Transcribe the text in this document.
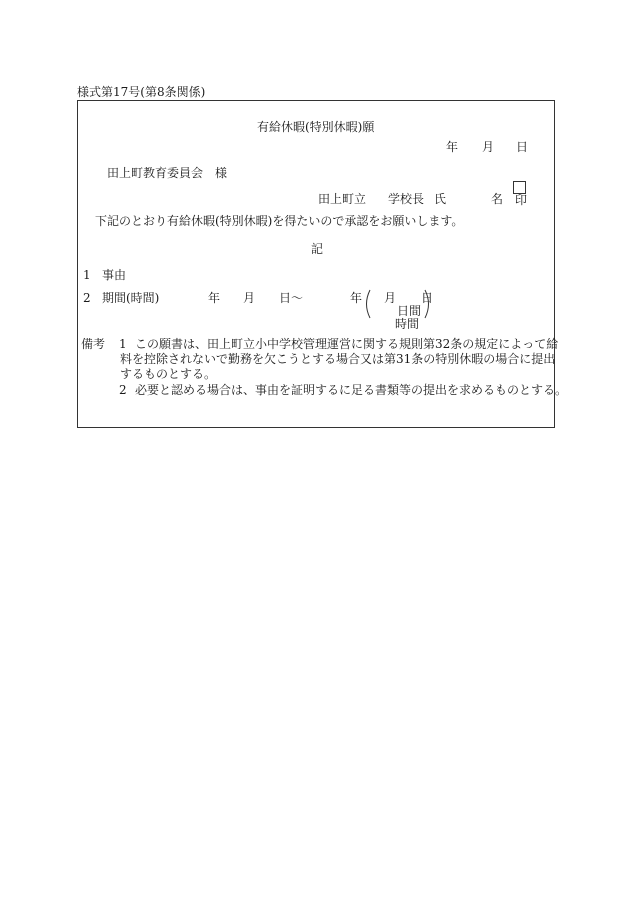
様式第17号(第8条関係)
有給休暇(特別休暇)願
年 月 日
田上町教育委員会　様
田上町立 学校長 氏	名 印
下記のとおり有給休暇(特別休暇)を得たいので承認をお願いします。
記
1 事由
2 期間(時間)	年 月 日～	年 月 日
日間
時間
備考 1 この願書は、田上町立小中学校管理運営に関する規則第32条の規定によって給
料を控除されないで勤務を欠こうとする場合又は第31条の特別休暇の場合に提出
するものとする。
2 必要と認める場合は、事由を証明するに足る書類等の提出を求めるものとする。
